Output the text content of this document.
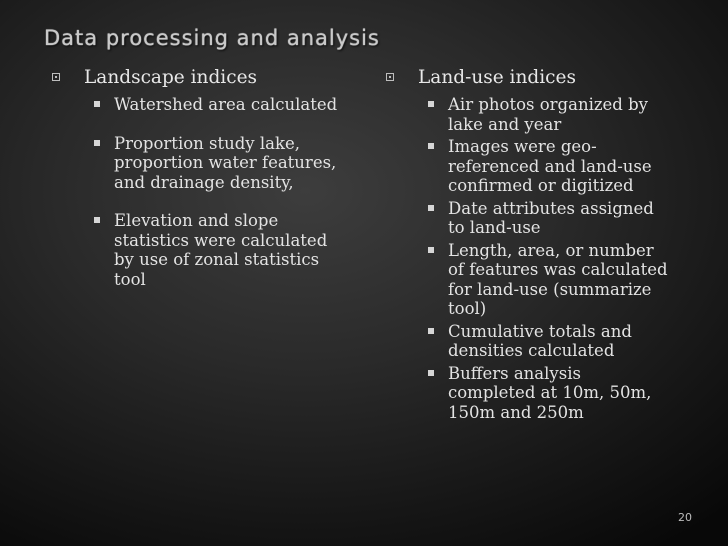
Data processing and analysis
Landscape indices
Watershed area calculated
Proportion study lake,
proportion water features,
and drainage density,
Elevation and slope
statistics were calculated
by use of zonal statistics
tool
Land-use indices
Air photos organized by
lake and year
Images were geo-
referenced and land-use
confirmed or digitized
Date attributes assigned
to land-use
Length, area, or number
of features was calculated
for land-use (summarize
tool)
Cumulative totals and
densities calculated
Buffers analysis
completed at 10m, 50m,
150m and 250m
20
